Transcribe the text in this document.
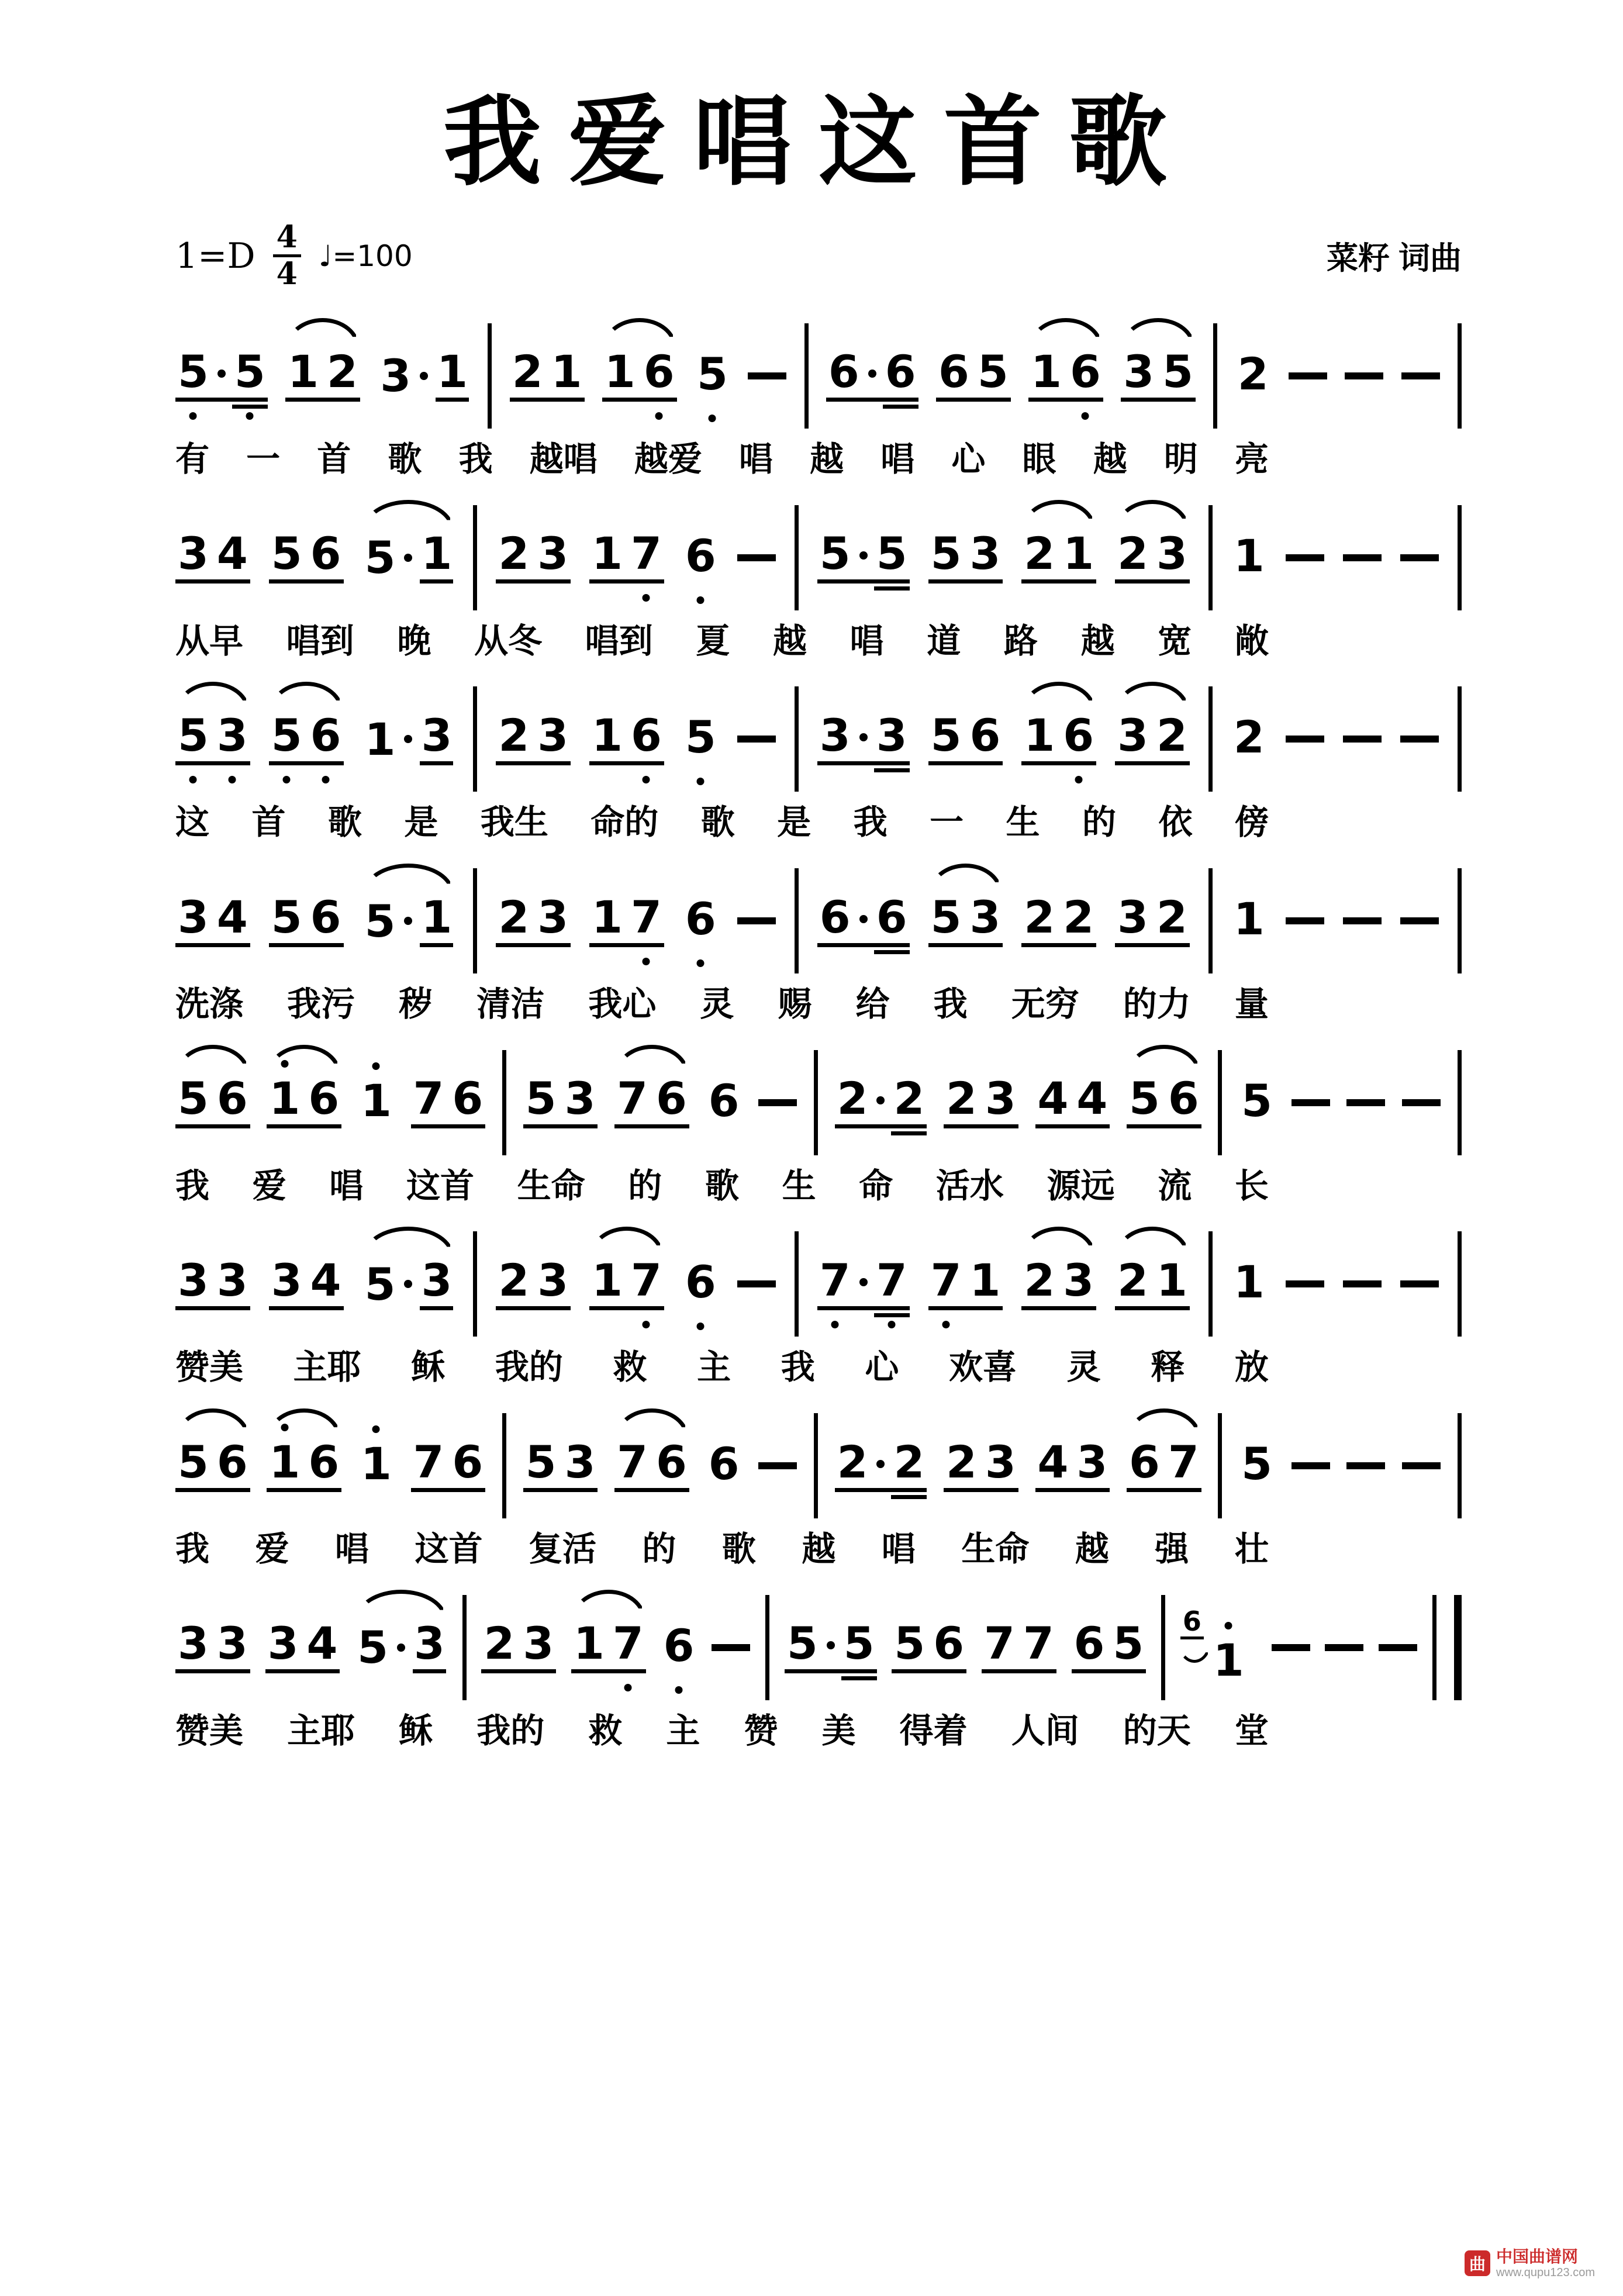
我爱唱这首歌
$1=D \frac{4}{4}$ ♩=100	菜籽 词曲
5 5 1 2 3 1 2 1 1 6 5 6 6 6 5 1 6 3 5 2
有 一 首 歌 我 越唱 越爱 唱 越 唱 心 眼 越 明 亮
3 4 5 6 5 1 2 3 1 7 6 5 5 5 3 2 1 2 3 1
从早 唱到 晚 从冬 唱到 夏 越 唱 道 路 越 宽 敞
5 3 5 6 1 3 2 3 1 6 5 3 3 5 6 1 6 3 2 2
这 首 歌 是 我生 命的 歌 是 我 一 生 的 依 傍
3 4 5 6 5 1 2 3 1 7 6 6 6 5 3 2 2 3 2 1
洗涤 我污 秽 清洁 我心 灵 赐 给 我 无穷 的力 量
5 6 1 6 1 7 6 5 3 7 6 6 2 2 2 3 4 4 5 6 5
我 爱 唱 这首 生命 的 歌 生 命 活水 源远 流 长
3 3 3 4 5 3 2 3 1 7 6 7 7 7 1 2 3 2 1 1
赞美 主耶 稣 我的 救 主 我 心 欢喜 灵 释 放
5 6 1 6 1 7 6 5 3 7 6 6 2 2 2 3 4 3 6 7 5
我 爱 唱 这首 复活 的 歌 越 唱 生命 越 强 壮
3 3 3 4 5 3 2 3 1 7 6 5 5 5 6 7 7 6 5 6
1
赞美 主耶 稣 我的 救 主 赞 美 得着 人间 的天 堂
曲 中国曲谱网
www.qupu123.com
